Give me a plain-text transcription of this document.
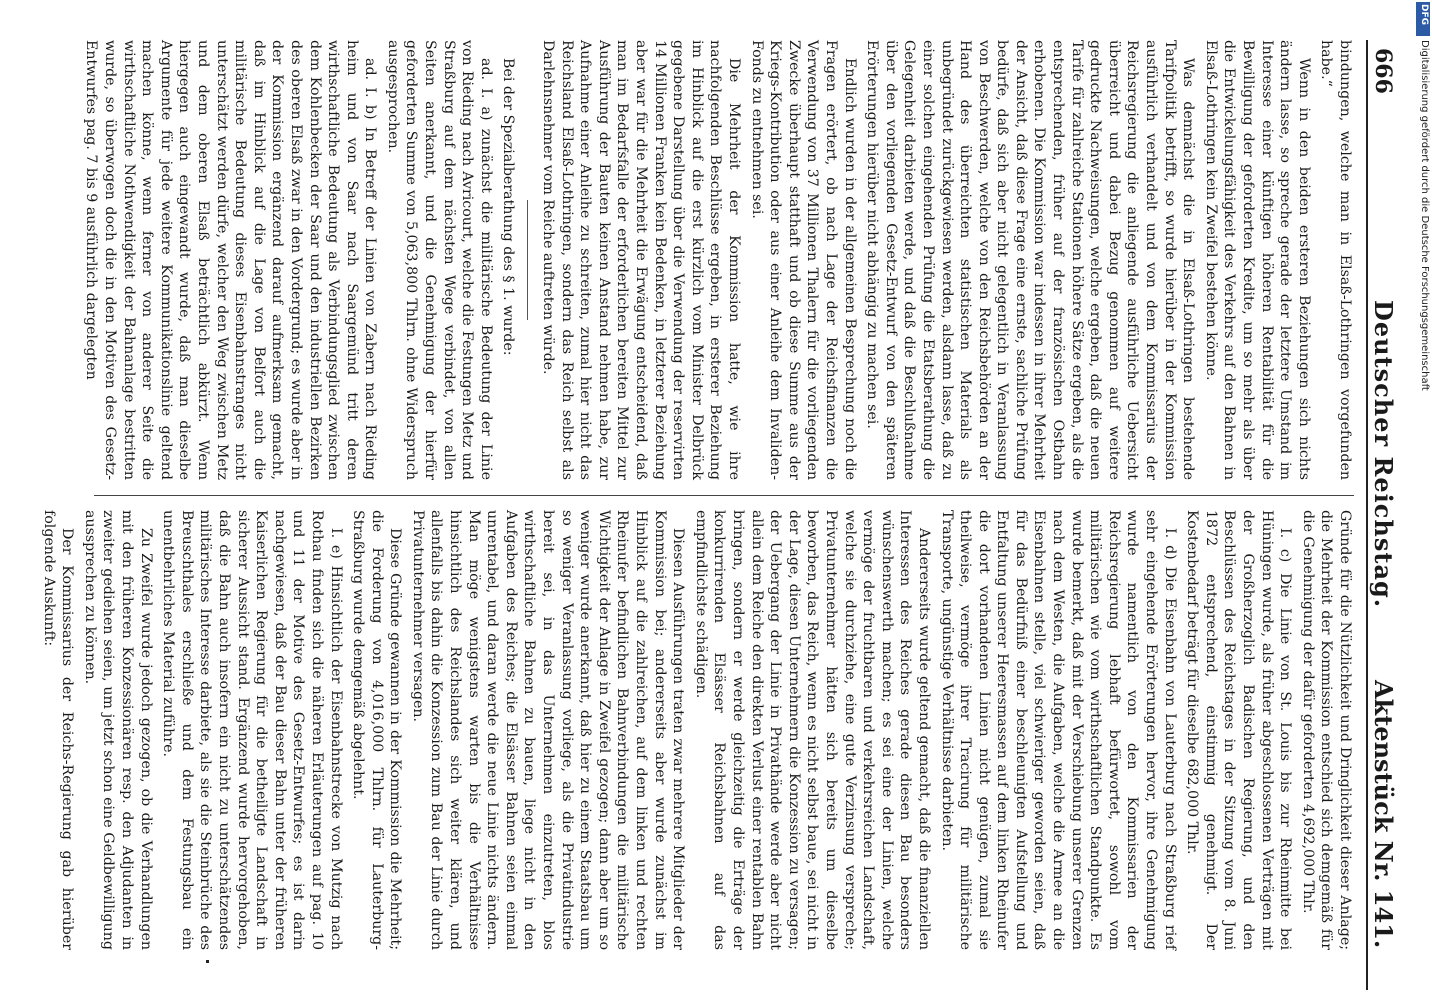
666
Deutscher Reichstag.
Aktenstück Nr. 141.

bindungen, welche man in Elsaß-Lothringen vorgefunden habe.“

Wenn in den beiden ersteren Beziehungen sich nichts ändern lasse, so spreche gerade der letztere Umstand im Interesse einer künftigen höheren Rentabilität für die Bewilligung der geforderten Kredite, um so mehr als über die Entwickelungsfähigkeit des Verkehrs auf den Bahnen in Elsaß-Lothringen kein Zweifel bestehen könne.

Was demnächst die in Elsaß-Lothringen bestehende Tarifpolitik betrifft, so wurde hierüber in der Kommission ausführlich verhandelt und von dem Kommissarius der Reichsregierung die anliegende ausführliche Uebersicht überreicht und dabei Bezug genommen auf weitere gedruckte Nachweisungen, welche ergeben, daß die neuen Tarife für zahlreiche Stationen höhere Sätze ergeben, als die entsprechenden, früher auf der französischen Ostbahn erhobenen. Die Kommission war indessen in ihrer Mehrheit der Ansicht, daß diese Frage eine ernste, sachliche Prüfung bedürfe, daß sich aber nicht gelegentlich in Veranlassung von Beschwerden, welche von den Reichsbehörden an der Hand des überreichten statistischen Materials als unbegründet zurückgewiesen werden, alsdann lasse, daß zu einer solchen eingehenden Prüfung die Etatsberathung die Gelegenheit darbieten werde, und daß die Beschlußnahme über den vorliegenden Gesetz-Entwurf von den späteren Erörterungen hierüber nicht abhängig zu machen sei.

Endlich wurden in der allgemeinen Besprechung noch die Fragen erörtert, ob nach Lage der Reichsfinanzen die Verwendung von 37 Millionen Thalern für die vorliegenden Zwecke überhaupt statthaft und ob diese Summe aus der Kriegs-Kontribution oder aus einer Anleihe dem Invaliden-Fonds zu entnehmen sei.

Die Mehrheit der Kommission hatte, wie ihre nachfolgenden Beschlüsse ergeben, in ersterer Beziehung im Hinblick auf die erst kürzlich vom Minister Delbrück gegebene Darstellung über die Verwendung der reservirten 14 Millionen Franken kein Bedenken, in letzterer Beziehung aber war für die Mehrheit die Erwägung entscheidend, daß man im Bedarfsfalle der erforderlichen bereiten Mittel zur Ausführung der Bauten keinen Anstand nehmen habe, zur Aufnahme einer Anleihe zu schreiten, zumal hier nicht das Reichsland Elsaß-Lothringen, sondern das Reich selbst als Darlehnsnehmer vom Reiche auftreten würde.

Bei der Spezialberathung des § 1. wurde:

ad. I. a) zunächst die militärische Bedeutung der Linie von Rieding nach Avricourt, welche die Festungen Metz und Straßburg auf dem nächsten Wege verbindet, von allen Seiten anerkannt, und die Genehmigung der hierfür geforderten Summe von 5,063,800 Thlrn. ohne Widerspruch ausgesprochen.

ad. I. b) In Betreff der Linien von Zabern nach Rieding heim und von Saar nach Saargemünd tritt deren wirthschaftliche Bedeutung als Verbindungsglied zwischen dem Kohlenbecken der Saar und den industriellen Bezirken des oberen Elsaß zwar in den Vordergrund; es wurde aber in der Kommission ergänzend darauf aufmerksam gemacht, daß im Hinblick auf die Lage von Belfort auch die militärische Bedeutung dieses Eisenbahnstranges nicht unterschätzt werden dürfe, welcher den Weg zwischen Metz und dem oberen Elsaß beträchtlich abkürzt. Wenn hiergegen auch eingewandt wurde, daß man dieselbe Argumente für jede weitere Kommunikationslinie geltend machen könne, wenn ferner von anderer Seite die wirthschaftliche Nothwendigkeit der Bahnanlage bestritten wurde, so überwogen doch die in den Motiven des Gesetz-Entwurfes pag. 7 bis 9 ausführlich dargelegten

Gründe für die Nützlichkeit und Dringlichkeit dieser Anlage; die Mehrheit der Kommission entschied sich demgemäß für die Genehmigung der dafür geforderten 4,692,000 Thlr.

I. c) Die Linie von St. Louis bis zur Rheinmitte bei Hüningen wurde, als früher abgeschlossenen Verträgen mit der Großherzoglich Badischen Regierung, und den Beschlüssen des Reichstages in der Sitzung vom 8. Juni 1872 entsprechend, einstimmig genehmigt. Der Kostenbedarf beträgt für dieselbe 682,000 Thlr.

I. d) Die Eisenbahn von Lauterburg nach Straßburg rief sehr eingehende Erörterungen hervor, ihre Genehmigung wurde namentlich von den Kommissarien der Reichsregierung lebhaft befürwortet, sowohl vom militärischen wie vom wirthschaftlichen Standpunkte. Es wurde bemerkt, daß mit der Verschiebung unserer Grenzen nach dem Westen, die Aufgaben, welche die Armee an die Eisenbahnen stelle, viel schwieriger geworden seien, daß für das Bedürfniß einer beschleunigten Aufstellung und Entfaltung unserer Heeresmassen auf dem linken Rheinufer die dort vorhandenen Linien nicht genügen, zumal sie theilweise, vermöge ihrer Tracirung für militärische Transporte, ungünstige Verhältnisse darbieten.

Andererseits wurde geltend gemacht, daß die finanziellen Interessen des Reiches gerade diesen Bau besonders wünschenswerth machen; es sei eine der Linien, welche vermöge der fruchtbaren und verkehrsreichen Landschaft, welche sie durchziehe, eine gute Verzinsung verspreche; Privatunternehmer hätten sich bereits um dieselbe beworben, das Reich, wenn es nicht selbst baue, sei nicht in der Lage, diesen Unternehmern die Konzession zu versagen; der Uebergang der Linie in Privathände werde aber nicht allein dem Reiche den direkten Verlust einer rentablen Bahn bringen, sondern er werde gleichzeitig die Erträge der konkurrirenden Elsässer Reichsbahnen auf das empfindlichste schädigen.

Diesen Ausführungen traten zwar mehrere Mitglieder der Kommission bei; andererseits aber wurde zunächst im Hinblick auf die zahlreichen, auf dem linken und rechten Rheinufer befindlichen Bahnverbindungen die militärische Wichtigkeit der Anlage in Zweifel gezogen; dann aber um so weniger wurde anerkannt, daß hier zu einem Staatsbau um so weniger Veranlassung vorliege, als die Privatindustrie bereit sei, in das Unternehmen einzutreten, blos wirthschaftliche Bahnen zu bauen, liege nicht in den Aufgaben des Reiches; die Elsässer Bahnen seien einmal unrentabel, und daran werde die neue Linie nichts ändern. Man möge wenigstens warten bis die Verhältnisse hinsichtlich des Reichslandes sich weiter klären, und allenfalls bis dahin die Konzession zum Bau der Linie durch Privatunternehmer versagen.

Diese Gründe gewannen in der Kommission die Mehrheit; die Forderung von 4,016,000 Thlrn. für Lauterburg-Straßburg wurde demgemäß abgelehnt.

I. e) Hinsichtlich der Eisenbahnstrecke von Mutzig nach Rothau finden sich die näheren Erläuterungen auf pag. 10 und 11 der Motive des Gesetz-Entwurfes; es ist darin nachgewiesen, daß der Bau dieser Bahn unter der früheren Kaiserlichen Regierung für die betheiligte Landschaft in sicherer Aussicht stand. Ergänzend wurde hervorgehoben, daß die Bahn auch insofern ein nicht zu unterschätzendes militärisches Interesse darbiete, als sie die Steinbrüche des Breuschthales erschließe und dem Festungsbau ein unentbehrliches Material zuführe.

Zu Zweifel wurde jedoch gezogen, ob die Verhandlungen mit den früheren Konzessionären resp. den Adjudanten in zweiter gediehen seien, um jetzt schon eine Geldbewilligung aussprechen zu können.

Der Kommissarius der Reichs-Regierung gab hierüber folgende Auskunft:

DFG
Digitalisierung gefördert durch die Deutsche Forschungsgemeinschaft
